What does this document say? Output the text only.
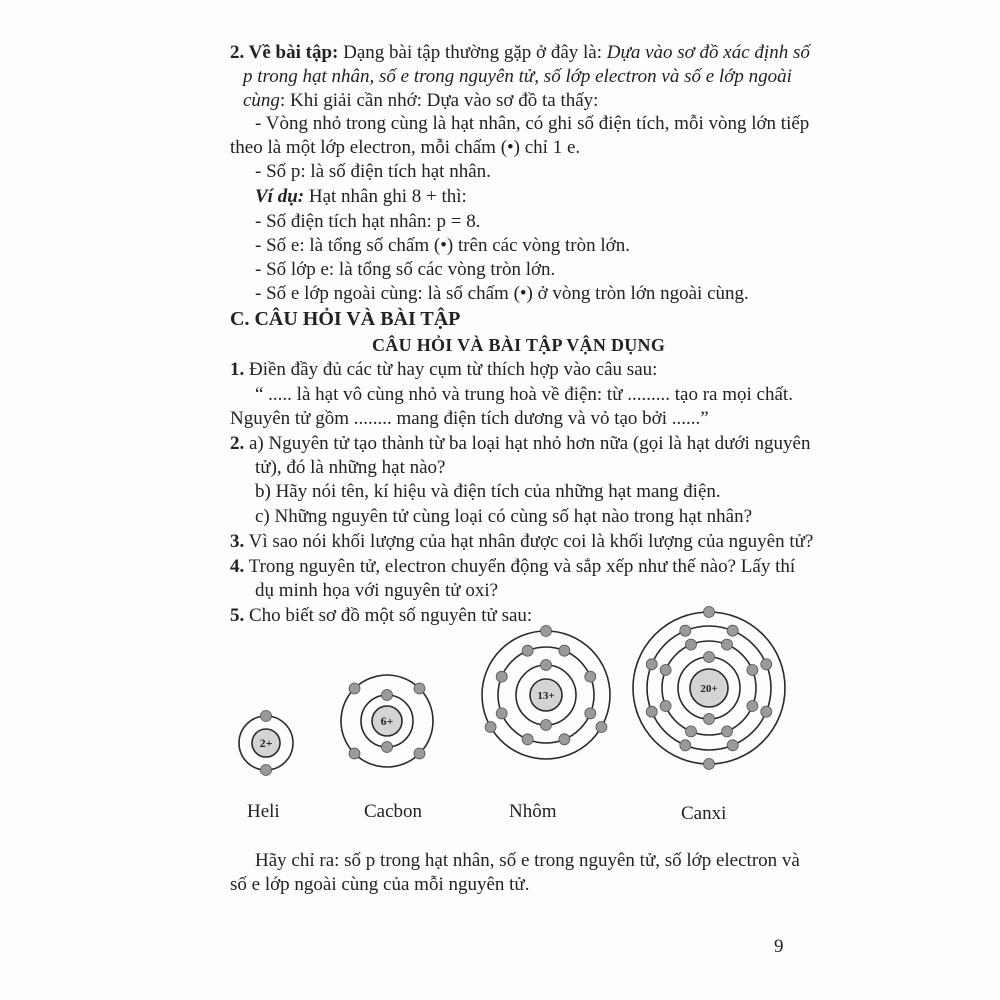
2. Về bài tập: Dạng bài tập thường gặp ở đây là: Dựa vào sơ đồ xác định số
p trong hạt nhân, số e trong nguyên tử, số lớp electron và số e lớp ngoài
cùng: Khi giải cần nhớ: Dựa vào sơ đồ ta thấy:
- Vòng nhỏ trong cùng là hạt nhân, có ghi số điện tích, mỗi vòng lớn tiếp
theo là một lớp electron, mỗi chấm (•) chỉ 1 e.
- Số p: là số điện tích hạt nhân.
Ví dụ: Hạt nhân ghi 8 + thì:
- Số điện tích hạt nhân: p = 8.
- Số e: là tổng số chấm (•) trên các vòng tròn lớn.
- Số lớp e: là tổng số các vòng tròn lớn.
- Số e lớp ngoài cùng: là số chấm (•) ở vòng tròn lớn ngoài cùng.
C. CÂU HỎI VÀ BÀI TẬP
CÂU HỎI VÀ BÀI TẬP VẬN DỤNG
1. Điền đầy đủ các từ hay cụm từ thích hợp vào câu sau:
“ ..... là hạt vô cùng nhỏ và trung hoà về điện: từ ......... tạo ra mọi chất.
Nguyên tử gồm ........ mang điện tích dương và vỏ tạo bởi ......”
2. a) Nguyên tử tạo thành từ ba loại hạt nhỏ hơn nữa (gọi là hạt dưới nguyên
tử), đó là những hạt nào?
b) Hãy nói tên, kí hiệu và điện tích của những hạt mang điện.
c) Những nguyên tử cùng loại có cùng số hạt nào trong hạt nhân?
3. Vì sao nói khối lượng của hạt nhân được coi là khối lượng của nguyên tử?
4. Trong nguyên tử, electron chuyển động và sắp xếp như thế nào? Lấy thí
dụ minh họa với nguyên tử oxi?
5. Cho biết sơ đồ một số nguyên tử sau:
2+
6+
13+
20+
Heli	Cacbon	Nhôm	Canxi
Hãy chỉ ra: số p trong hạt nhân, số e trong nguyên tử, số lớp electron và
số e lớp ngoài cùng của mỗi nguyên tử.
9
